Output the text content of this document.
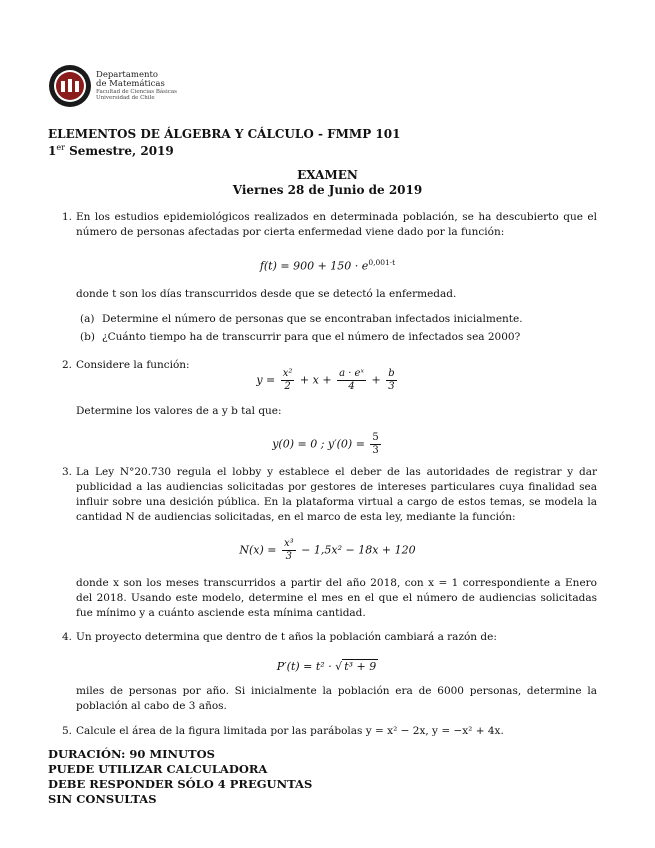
Departamento
de Matemáticas
Facultad de Ciencias Básicas
Universidad de Chile
ELEMENTOS DE ÁLGEBRA Y CÁLCULO - FMMP 101
1er Semestre, 2019
EXAMEN
Viernes 28 de Junio de 2019
1. En los estudios epidemiológicos realizados en determinada población, se ha descubierto que el número de personas afectadas por cierta enfermedad viene dado por la función:
$f(t) = 900 + 150 \cdot e^{0,001\cdot t}$
donde t son los días transcurridos desde que se detectó la enfermedad.
(a) Determine el número de personas que se encontraban infectados inicialmente.
(b) ¿Cuánto tiempo ha de transcurrir para que el número de infectados sea 2000?
2. Considere la función:
$y = \frac{\text{x²}}{2} + x + \frac{\text{a · eˣ}}{4} + \frac{b}{3}$
Determine los valores de a y b tal que:
y(0) = 0 ; $y'(0) = \frac{5}{3}$
3. La Ley N°20.730 regula el lobby y establece el deber de las autoridades de registrar y dar publicidad a las audiencias solicitadas por gestores de intereses particulares cuya finalidad sea influir sobre una desición pública. En la plataforma virtual a cargo de estos temas, se modela la cantidad N de audiencias solicitadas, en el marco de esta ley, mediante la función:
$N(x) = \frac{\text{x³}}{3} - 1,5x^2 - 18x + 120$
donde x son los meses transcurridos a partir del año 2018, con x = 1 correspondiente a Enero del 2018. Usando este modelo, determine el mes en el que el número de audiencias solicitadas fue mínimo y a cuánto asciende esta mínima cantidad.
4. Un proyecto determina que dentro de t años la población cambiará a razón de:
P′(t) = t² · √ t³ + 9
miles de personas por año. Si inicialmente la población era de 6000 personas, determine la población al cabo de 3 años.
5. Calcule el área de la figura limitada por las parábolas y = x² − 2x, y = −x² + 4x.
DURACIÓN: 90 MINUTOS
PUEDE UTILIZAR CALCULADORA
DEBE RESPONDER SÓLO 4 PREGUNTAS
SIN CONSULTAS
